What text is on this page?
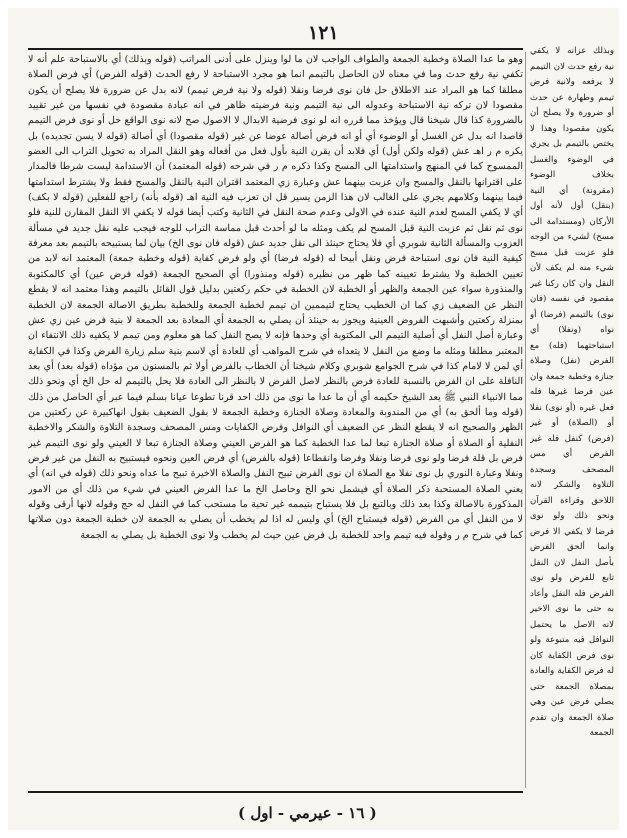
١٢١

وهو ما عدا الصلاة وخطبة الجمعة والطواف الواجب لان ما لوا وينزل على أدنى المراتب (قوله وبذلك) أي بالاستباحة علم أنه لا تكفي نية رفع حدث وما في معناه لان الحاصل بالتيمم انما هو مجرد الاستباحة لا رفع الحدث (قوله الفرض) أي فرض الصلاة مطلقا كما هو المراد عند الاطلاق حل فان نوى فرضا ونفلا (قوله ولا نية فرض تيمم) لانه بدل عن ضرورة فلا يصلح أن يكون مقصودا لان تركه نية الاستباحة وعدوله الى نية التيمم ونية فرضيته ظاهر في انه عبادة مقصودة في نفسها من غير تقييد بالضرورة كذا قال شيخنا قال ويؤخذ مما قرره انه لو نوى فرضية الابدال لا الاصول صح لانه نوى الواقع حل أو نوى فرض التيمم قاصدا انه بدل عن الغسل أو الوضوء أي أو انه فرض أصالة عوضا عن غير (قوله مقصودا) أي أصالة (قوله لا يسن تجديده) بل يكره م ر اهـ عش (قوله ولكن أول) أي فلابد أن يقرن النية بأول فعل من أفعاله وهو النقل المراد به تحويل التراب الى العضو الممسوح كما في المنهج واستدامتها الى المسح وكذا ذكره م ر في شرحه (قوله المعتمد) أن الاستدامة ليست شرطا فالمدار على اقترانها بالنقل والمسح وان عزبت بينهما عش وعبارة زي المعتمد اقتران النية بالنقل والمسح فقط ولا يشترط استدامتها فيما بينهما وكلامهم يجري على الغالب لان هذا الزمن يسير قل ان تعزب فيه النية اهـ (قوله بأنه) راجع للفعلين (قوله لا بكف) أي لا يكفي المسح لعدم النية عنده في الاولى وعدم صحة النقل في الثانية وكتب أيضا قوله لا يكفي الا النقل المقارن للنية فلو نوى ثم نقل ثم عزبت النية قبل المسح لم يكف ومثله ما لو أحدث قبل مماسة التراب للوجه فيجب عليه نقل جديد في مسألة العزوب والمسألة الثانية شوبري أي فلا يحتاج حينئذ الى نقل جديد عش (قوله فان نوى الخ) بيان لما يستبيحه بالتيمم بعد معرفة كيفية النية فان نوى استباحة فرض ونفل أبيحا له (قوله فرضا) أي ولو فرض كفاية (قوله وخطبة جمعة) المعتمد انه لابد من تعيين الخطبة ولا يشترط تعيينه كما ظهر من نظيره (قوله ومنذورا) أي الصحيح الجمعة (قوله فرض عين) أي كالمكتوبة والمنذورة سواء عين الجمعة والظهر أو الخطبة لان الخطبة في حكم ركعتين بدليل قول القائل بالتيمم وهذا معتمد انه لا يقطع النظر عن الضعيف زي كما ان الخطيب يحتاج لتيممين ان تيمم لخطبة الجمعة وللخطبة بطريق الاصالة الجمعة لان الخطبة بمنزلة ركعتين وأشبهت الفروض العينية ويجوز به حينئذ أن يصلي به الجمعة أي المعادة بعد الجمعة لا بنية فرض عين زي عش وعبارة أصل النفل أي أصلية التيمم الى المكتوبة أي وحدها فإنه لا يصح النفل كما هو معلوم ومن تيمم لا يكفيه ذلك الانتفاء ان المعتبر مطلقا ومثله ما وضع من النفل لا يتعداه في شرح المواهب أي للعادة أي لاسم بنية سلم زيارة الفرض وكذا في الكفاية أي لمن لا لامام كذا في شرح الجوامع شوبري وكلام شيخنا أن الخطاب بالفرض أولا ثم بالمسنون من مؤداه (قوله بعد) أي بعد النافلة على ان الفرض بالنسبة للعادة فرض بالنظر لاصل الفرض لا بالنظر الى العادة فلا يحل بالتيمم له حل الخ أي ونحو ذلك مما الانبياء النبي ﷺ يعد الشيخ حكيمه أي أن ما عدا ما نوى من ذلك احد قرنا تطوعا عيانا بسلم فيما عبر أي الحاصل من ذلك (قوله وما ألحق به) أي من المندوبة والمعادة وصلاة الجنازة وخطبة الجمعة لا بقول الضعيف بقول انهاكبيرة عن ركعتين من الظهر والصحيح انه لا يقطع النظر عن الضعيف أي النوافل وفرض الكفايات ومس المصحف وسجدة التلاوة والشكر والاخطبة النفلية أو الصلاة أو صلاة الجنازة تبعا لما عدا الخطبة كما هو الفرض العيني وصلاة الجنازة تبعا لا العيني ولو نوى التيمم غير فرض بل قلة فرضا ولو نوى فرضا ونفلا وفرضا وانقطاعا (قوله بالفرض) أي فرض العين ونحوه فيستبيح به النفل من غير فرض ونفلا وعبارة النوري بل نوى نفلا مع الصلاة ان نوى الفرض تبيح النفل والصلاة الاخيرة تبيح ما عداه ونحو ذلك (قوله في انه) أي يعني الصلاة المستحبة ذكر الصلاة أي فيشمل نحو الخ وحاصل الخ ما عدا الفرض العيني في شيء من ذلك أي من الامور المذكورة بالاصالة وكذا بعد ذلك وبالتبع بل فلا يستباح بتيممه غير تحية ما مستحب كما في النفل له حج وقوله لانها أرقى وقوله لا من النفل أي من الفرض (قوله فيستباح الخ) أي وليس له اذا لم يخطب أن يصلي به الجمعة لان خطبة الجمعة دون صلاتها كما في شرح م ر وقوله فيه تيمم واحد للخطبة بل فرض عين حيث لم يخطب ولا نوى الخطبة بل يصلي به الجمعة

وبذلك عزانه لا يكفي نية رفع حدث لان التيمم لا يرفعه ولانية فرض تيمم وطهارة عن حدث أو ضرورة ولا يصلح أن يكون مقصودا وهذا لا يختص بالتيمم بل يجري في الوضوء والغسل بخلاف الوضوء (مقرونة) أي النية (بنقل) أول لأنه أول الأركان (ومستدامة الى مسح) لشيء من الوجه فلو عزبت قبل مسح شيء منه لم يكف لأن النقل وان كان ركنا غير مقصود في نفسه (فان نوى) بالتيمم (فرضا) أو نواه (ونفلا) أي استباحتهما (فله) مع الفرض (نفل) وصلاة جنازة وخطبة جمعة وان عين فرضا غيرها فله فعل غيره (أو نوى) نفلا أو (الصلاة) أو غير (فرض) كنفل فله غير الفرض أي مس المصحف وسجدة التلاوة والشكر لانه اللاحق وقراءة القرآن ونحو ذلك ولو نوى فرضا لا يكفي الا فرض وانما ألحق الفرض بأصل النفل لان النفل تابع للفرض ولو نوى الفرض فله النفل وأعاد به حتى ما نوى الاخير لانه الاصل ما يحتمل النوافل فيه متبوعة ولو نوى فرض الكفاية كان له فرض الكفاية والعادة بمصلاة الجمعة حتى يصلي فرض عين وهي صلاة الجمعة وان تقدم الجمعة

( ١٦ - عيرمي - اول )
